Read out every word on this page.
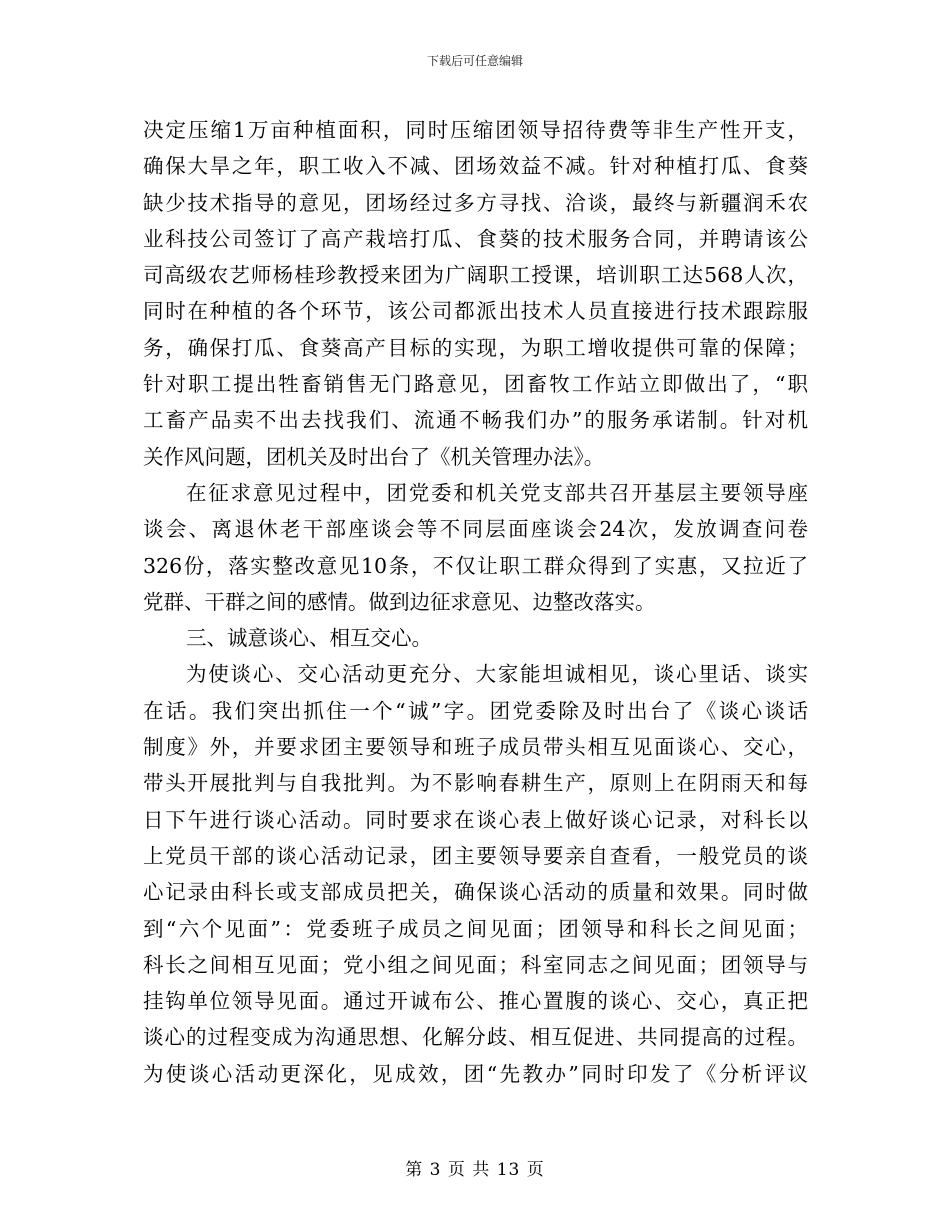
下载后可任意编辑
决定压缩1万亩种植面积，同时压缩团领导招待费等非生产性开支，
确保大旱之年，职工收入不减、团场效益不减。针对种植打瓜、食葵
缺少技术指导的意见，团场经过多方寻找、洽谈，最终与新疆润禾农
业科技公司签订了高产栽培打瓜、食葵的技术服务合同，并聘请该公
司高级农艺师杨桂珍教授来团为广阔职工授课，培训职工达568人次，
同时在种植的各个环节，该公司都派出技术人员直接进行技术跟踪服
务，确保打瓜、食葵高产目标的实现，为职工增收提供可靠的保障；
针对职工提出牲畜销售无门路意见，团畜牧工作站立即做出了，“职
工畜产品卖不出去找我们、流通不畅我们办”的服务承诺制。针对机
关作风问题，团机关及时出台了《机关管理办法》。
在征求意见过程中，团党委和机关党支部共召开基层主要领导座
谈会、离退休老干部座谈会等不同层面座谈会24次，发放调查问卷
326份，落实整改意见10条，不仅让职工群众得到了实惠，又拉近了
党群、干群之间的感情。做到边征求意见、边整改落实。
三、诚意谈心、相互交心。
为使谈心、交心活动更充分、大家能坦诚相见，谈心里话、谈实
在话。我们突出抓住一个“诚”字。团党委除及时出台了《谈心谈话
制度》外，并要求团主要领导和班子成员带头相互见面谈心、交心，
带头开展批判与自我批判。为不影响春耕生产，原则上在阴雨天和每
日下午进行谈心活动。同时要求在谈心表上做好谈心记录，对科长以
上党员干部的谈心活动记录，团主要领导要亲自查看，一般党员的谈
心记录由科长或支部成员把关，确保谈心活动的质量和效果。同时做
到“六个见面”：党委班子成员之间见面；团领导和科长之间见面；
科长之间相互见面；党小组之间见面；科室同志之间见面；团领导与
挂钩单位领导见面。通过开诚布公、推心置腹的谈心、交心，真正把
谈心的过程变成为沟通思想、化解分歧、相互促进、共同提高的过程。
为使谈心活动更深化，见成效，团“先教办”同时印发了《分析评议
第 3 页 共 13 页
